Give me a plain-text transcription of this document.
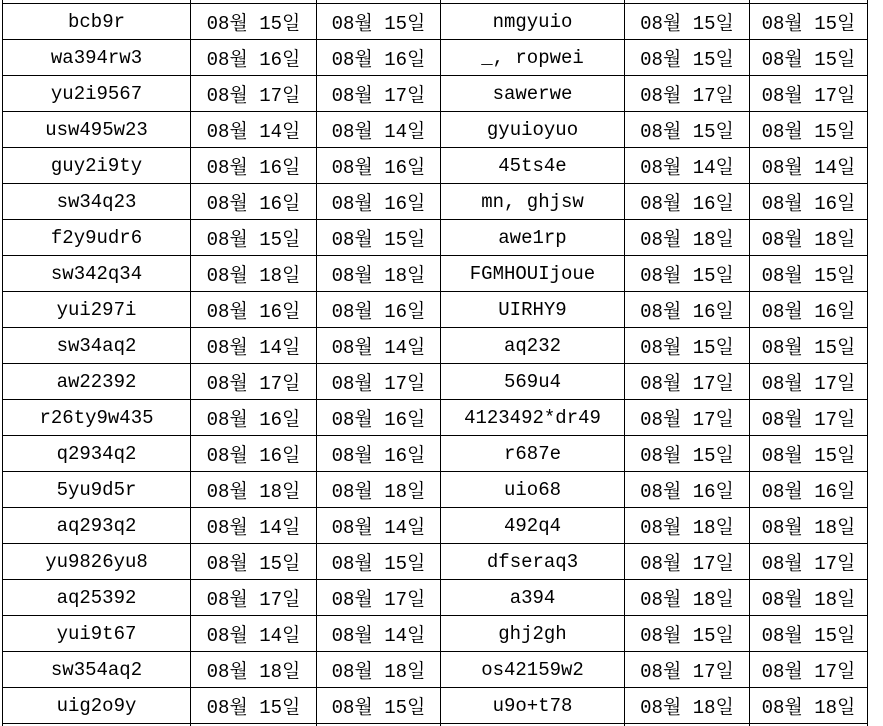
bcb9r	08월 15일	08월 15일	nmgyuio	08월 15일	08월 15일
wa394rw3	08월 16일	08월 16일	_, ropwei	08월 15일	08월 15일
yu2i9567	08월 17일	08월 17일	sawerwe	08월 17일	08월 17일
usw495w23	08월 14일	08월 14일	gyuioyuo	08월 15일	08월 15일
guy2i9ty	08월 16일	08월 16일	45ts4e	08월 14일	08월 14일
sw34q23	08월 16일	08월 16일	mn, ghjsw	08월 16일	08월 16일
f2y9udr6	08월 15일	08월 15일	awe1rp	08월 18일	08월 18일
sw342q34	08월 18일	08월 18일	FGMHOUIjoue	08월 15일	08월 15일
yui297i	08월 16일	08월 16일	UIRHY9	08월 16일	08월 16일
sw34aq2	08월 14일	08월 14일	aq232	08월 15일	08월 15일
aw22392	08월 17일	08월 17일	569u4	08월 17일	08월 17일
r26ty9w435	08월 16일	08월 16일	4123492*dr49	08월 17일	08월 17일
q2934q2	08월 16일	08월 16일	r687e	08월 15일	08월 15일
5yu9d5r	08월 18일	08월 18일	uio68	08월 16일	08월 16일
aq293q2	08월 14일	08월 14일	492q4	08월 18일	08월 18일
yu9826yu8	08월 15일	08월 15일	dfseraq3	08월 17일	08월 17일
aq25392	08월 17일	08월 17일	a394	08월 18일	08월 18일
yui9t67	08월 14일	08월 14일	ghj2gh	08월 15일	08월 15일
sw354aq2	08월 18일	08월 18일	os42159w2	08월 17일	08월 17일
uig2o9y	08월 15일	08월 15일	u9o+t78	08월 18일	08월 18일
